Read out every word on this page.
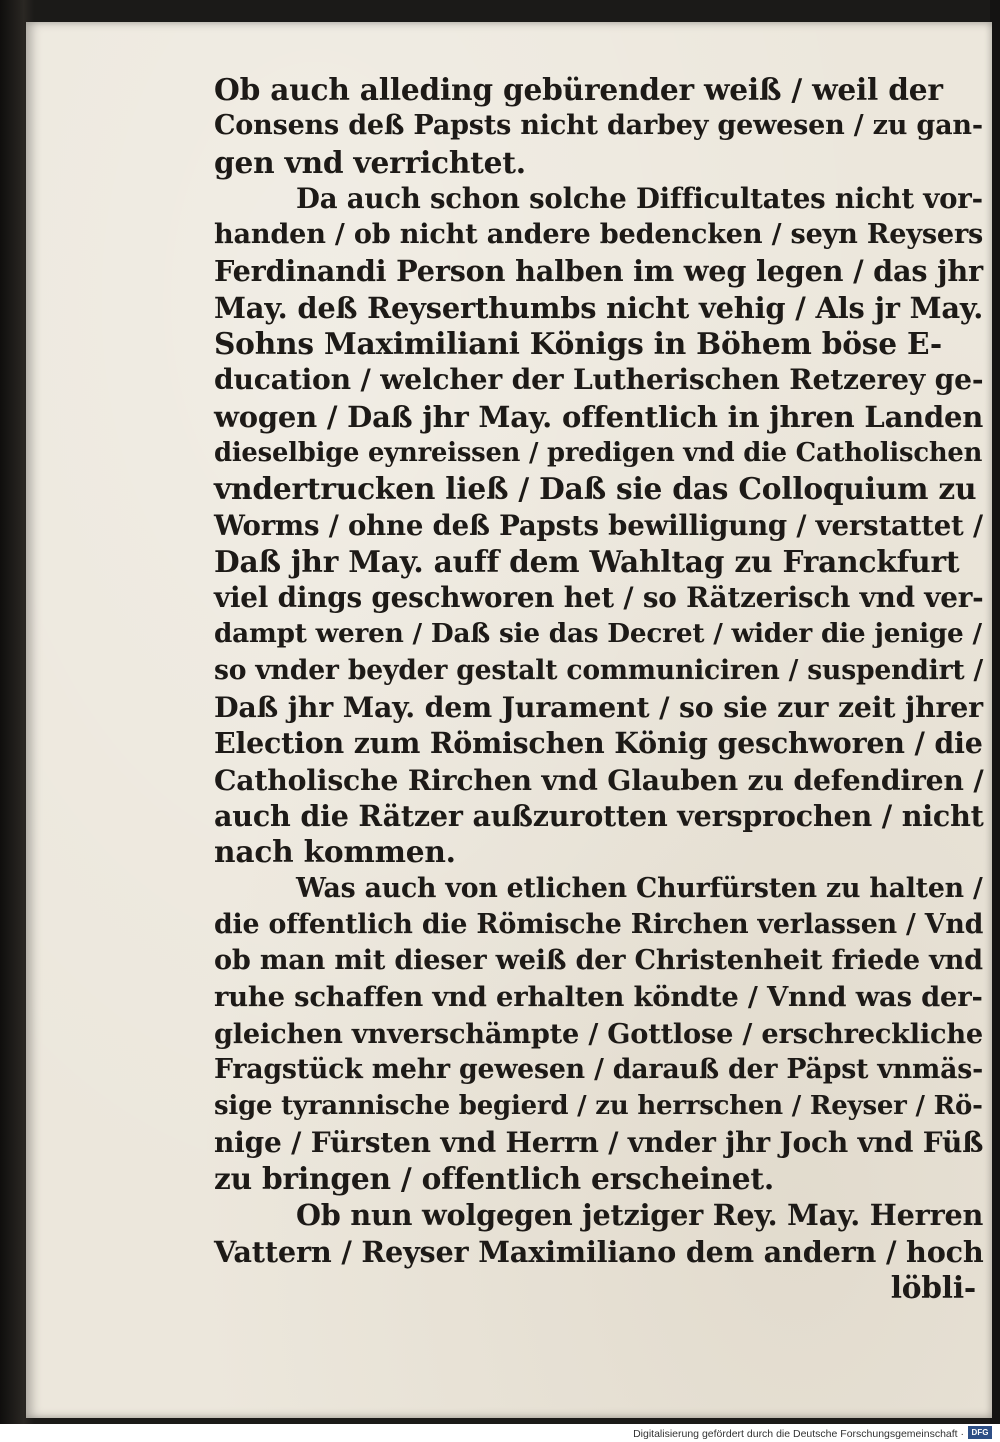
Ob auch alleding gebürender weiß / weil der
Consens deß Papsts nicht darbey gewesen / zu gan-
gen vnd verrichtet.
Da auch schon solche Difficultates nicht vor-
handen / ob nicht andere bedencken / seyn Reysers
Ferdinandi Person halben im weg legen / das jhr
May. deß Reyserthumbs nicht vehig / Als jr May.
Sohns Maximiliani Königs in Böhem böse E-
ducation / welcher der Lutherischen Retzerey ge-
wogen / Daß jhr May. offentlich in jhren Landen
dieselbige eynreissen / predigen vnd die Catholischen
vndertrucken ließ / Daß sie das Colloquium zu
Worms / ohne deß Papsts bewilligung / verstattet /
Daß jhr May. auff dem Wahltag zu Franckfurt
viel dings geschworen het / so Rätzerisch vnd ver-
dampt weren / Daß sie das Decret / wider die jenige /
so vnder beyder gestalt communiciren / suspendirt /
Daß jhr May. dem Jurament / so sie zur zeit jhrer
Election zum Römischen König geschworen / die
Catholische Rirchen vnd Glauben zu defendiren /
auch die Rätzer außzurotten versprochen / nicht
nach kommen.
Was auch von etlichen Churfürsten zu halten /
die offentlich die Römische Rirchen verlassen / Vnd
ob man mit dieser weiß der Christenheit friede vnd
ruhe schaffen vnd erhalten köndte / Vnnd was der-
gleichen vnverschämpte / Gottlose / erschreckliche
Fragstück mehr gewesen / darauß der Päpst vnmäs-
sige tyrannische begierd / zu herrschen / Reyser / Rö-
nige / Fürsten vnd Herrn / vnder jhr Joch vnd Füß
zu bringen / offentlich erscheinet.
Ob nun wolgegen jetziger Rey. May. Herren
Vattern / Reyser Maximiliano dem andern / hoch
löbli-
Digitalisierung gefördert durch die Deutsche Forschungsgemeinschaft · DFG
